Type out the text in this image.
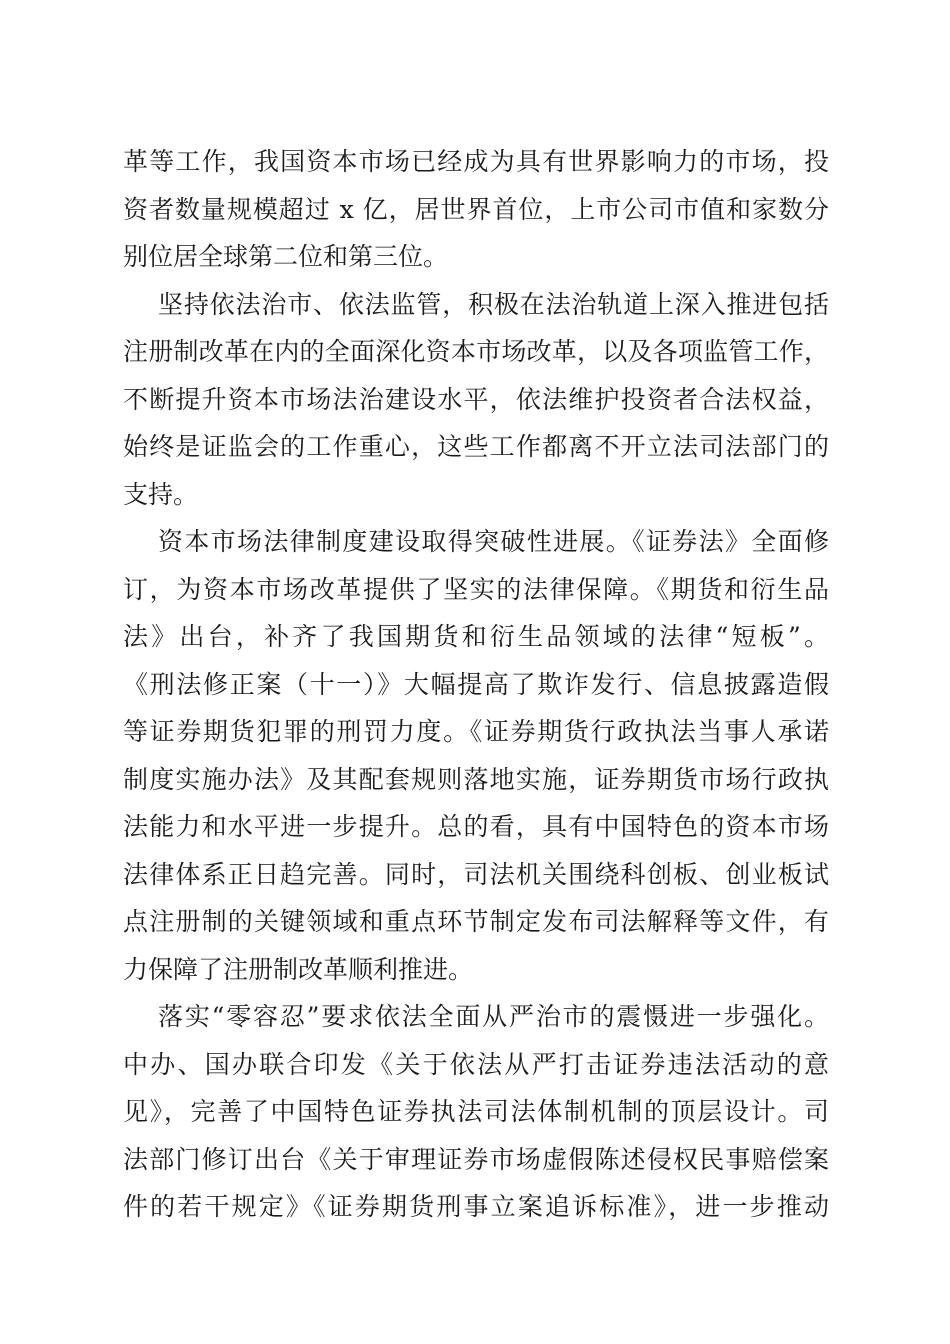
革等工作，我国资本市场已经成为具有世界影响力的市场，投
资者数量规模超过 x 亿，居世界首位，上市公司市值和家数分
别位居全球第二位和第三位。
坚持依法治市、依法监管，积极在法治轨道上深入推进包括
注册制改革在内的全面深化资本市场改革，以及各项监管工作，
不断提升资本市场法治建设水平，依法维护投资者合法权益，
始终是证监会的工作重心，这些工作都离不开立法司法部门的
支持。
资本市场法律制度建设取得突破性进展。《证券法》全面修
订，为资本市场改革提供了坚实的法律保障。《期货和衍生品
法》出台，补齐了我国期货和衍生品领域的法律“短板”。
《刑法修正案（十一）》大幅提高了欺诈发行、信息披露造假
等证券期货犯罪的刑罚力度。《证券期货行政执法当事人承诺
制度实施办法》及其配套规则落地实施，证券期货市场行政执
法能力和水平进一步提升。总的看，具有中国特色的资本市场
法律体系正日趋完善。同时，司法机关围绕科创板、创业板试
点注册制的关键领域和重点环节制定发布司法解释等文件，有
力保障了注册制改革顺利推进。
落实“零容忍”要求依法全面从严治市的震慑进一步强化。
中办、国办联合印发《关于依法从严打击证券违法活动的意
见》，完善了中国特色证券执法司法体制机制的顶层设计。司
法部门修订出台《关于审理证券市场虚假陈述侵权民事赔偿案
件的若干规定》《证券期货刑事立案追诉标准》，进一步推动
